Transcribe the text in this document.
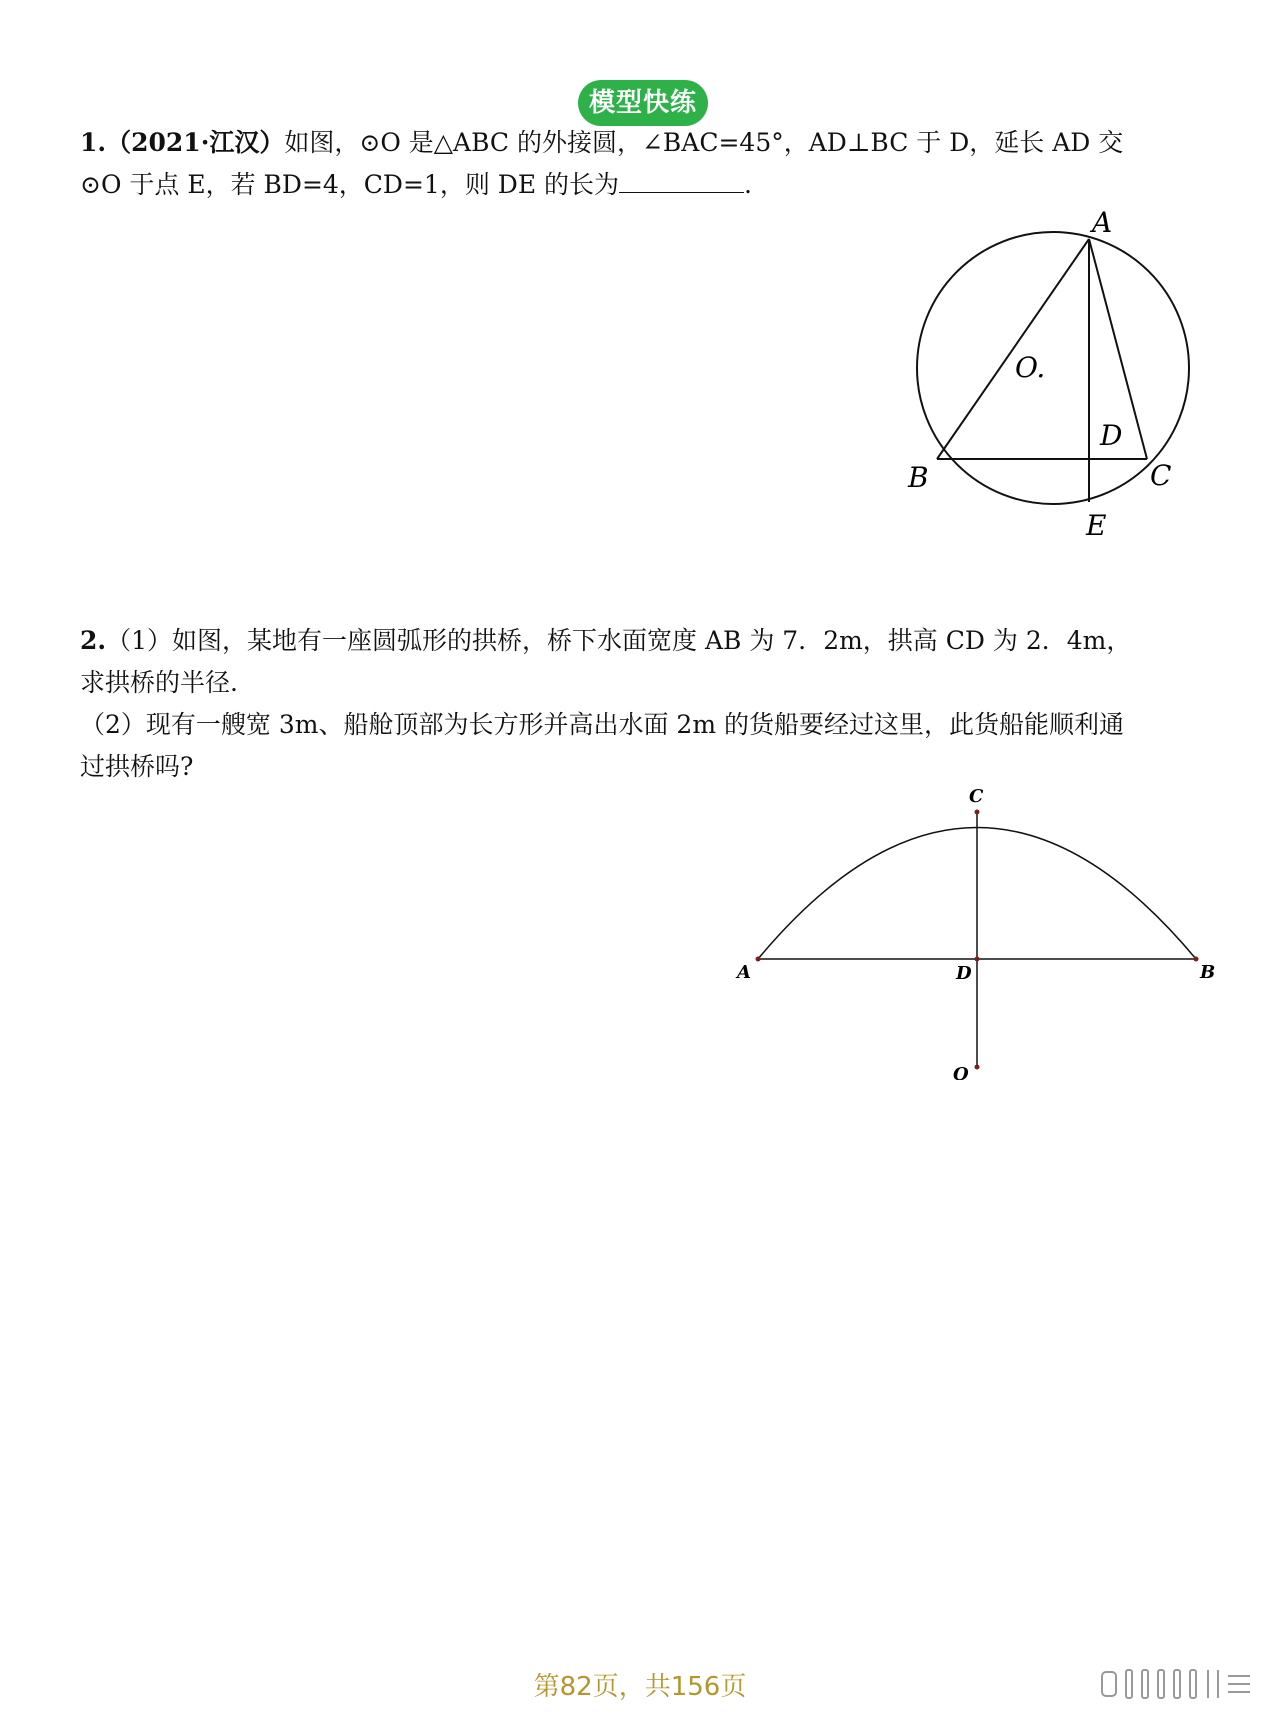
模型快练
1.（2021·江汉）如图，⊙O 是△ABC 的外接圆，∠BAC=45°，AD⊥BC 于 D，延长 AD 交
⊙O 于点 E，若 BD=4，CD=1，则 DE 的长为	.
A
O.
D
B	C
E
2.（1）如图，某地有一座圆弧形的拱桥，桥下水面宽度 AB 为 7．2m，拱高 CD 为 2．4m，
求拱桥的半径.
（2）现有一艘宽 3m、船舱顶部为长方形并高出水面 2m 的货船要经过这里，此货船能顺利通
过拱桥吗?
C
A	D	B
O
第82页，共156页
